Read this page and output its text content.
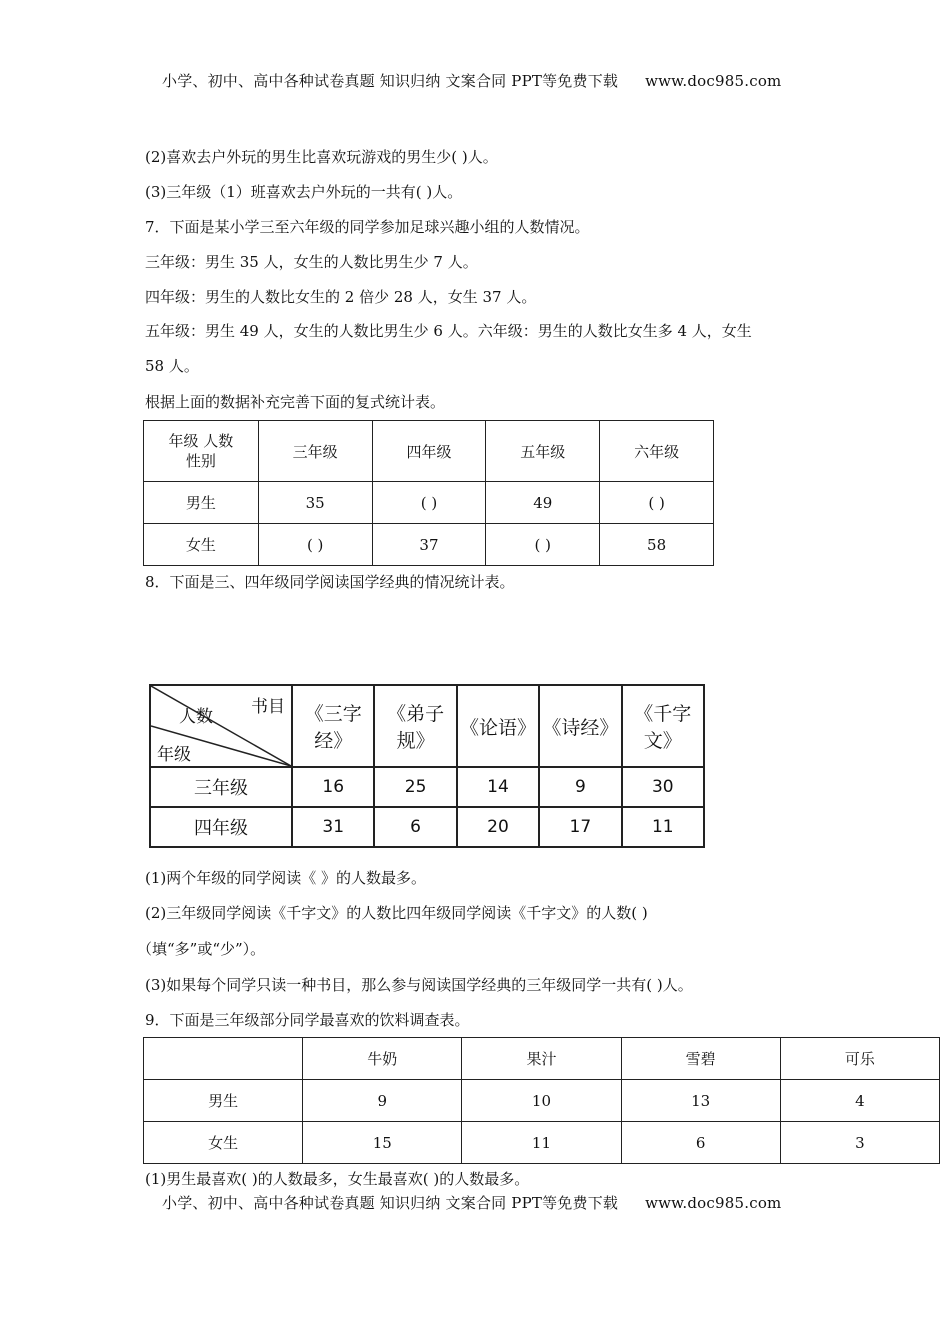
小学、初中、高中各种试卷真题 知识归纳 文案合同 PPT等免费下载 www.doc985.com
(2)喜欢去户外玩的男生比喜欢玩游戏的男生少( )人。
(3)三年级（1）班喜欢去户外玩的一共有( )人。
7．下面是某小学三至六年级的同学参加足球兴趣小组的人数情况。
三年级：男生 35 人，女生的人数比男生少 7 人。
四年级：男生的人数比女生的 2 倍少 28 人，女生 37 人。
五年级：男生 49 人，女生的人数比男生少 6 人。六年级：男生的人数比女生多 4 人，女生
58 人。
根据上面的数据补充完善下面的复式统计表。
年级 人数
性别	三年级	四年级	五年级	六年级
男生	35	( )	49	( )
女生	( )	37	( )	58
8．下面是三、四年级同学阅读国学经典的情况统计表。
书目
人数
年级	《三字经》	《弟子规》	《论语》	《诗经》	《千字文》
三年级	16	25	14	9	30
四年级	31	6	20	17	11
(1)两个年级的同学阅读《 》的人数最多。
(2)三年级同学阅读《千字文》的人数比四年级同学阅读《千字文》的人数( )
（填“多”或“少”）。
(3)如果每个同学只读一种书目，那么参与阅读国学经典的三年级同学一共有( )人。
9．下面是三年级部分同学最喜欢的饮料调查表。
	牛奶	果汁	雪碧	可乐
男生	9	10	13	4
女生	15	11	6	3
(1)男生最喜欢( )的人数最多，女生最喜欢( )的人数最多。
小学、初中、高中各种试卷真题 知识归纳 文案合同 PPT等免费下载 www.doc985.com
